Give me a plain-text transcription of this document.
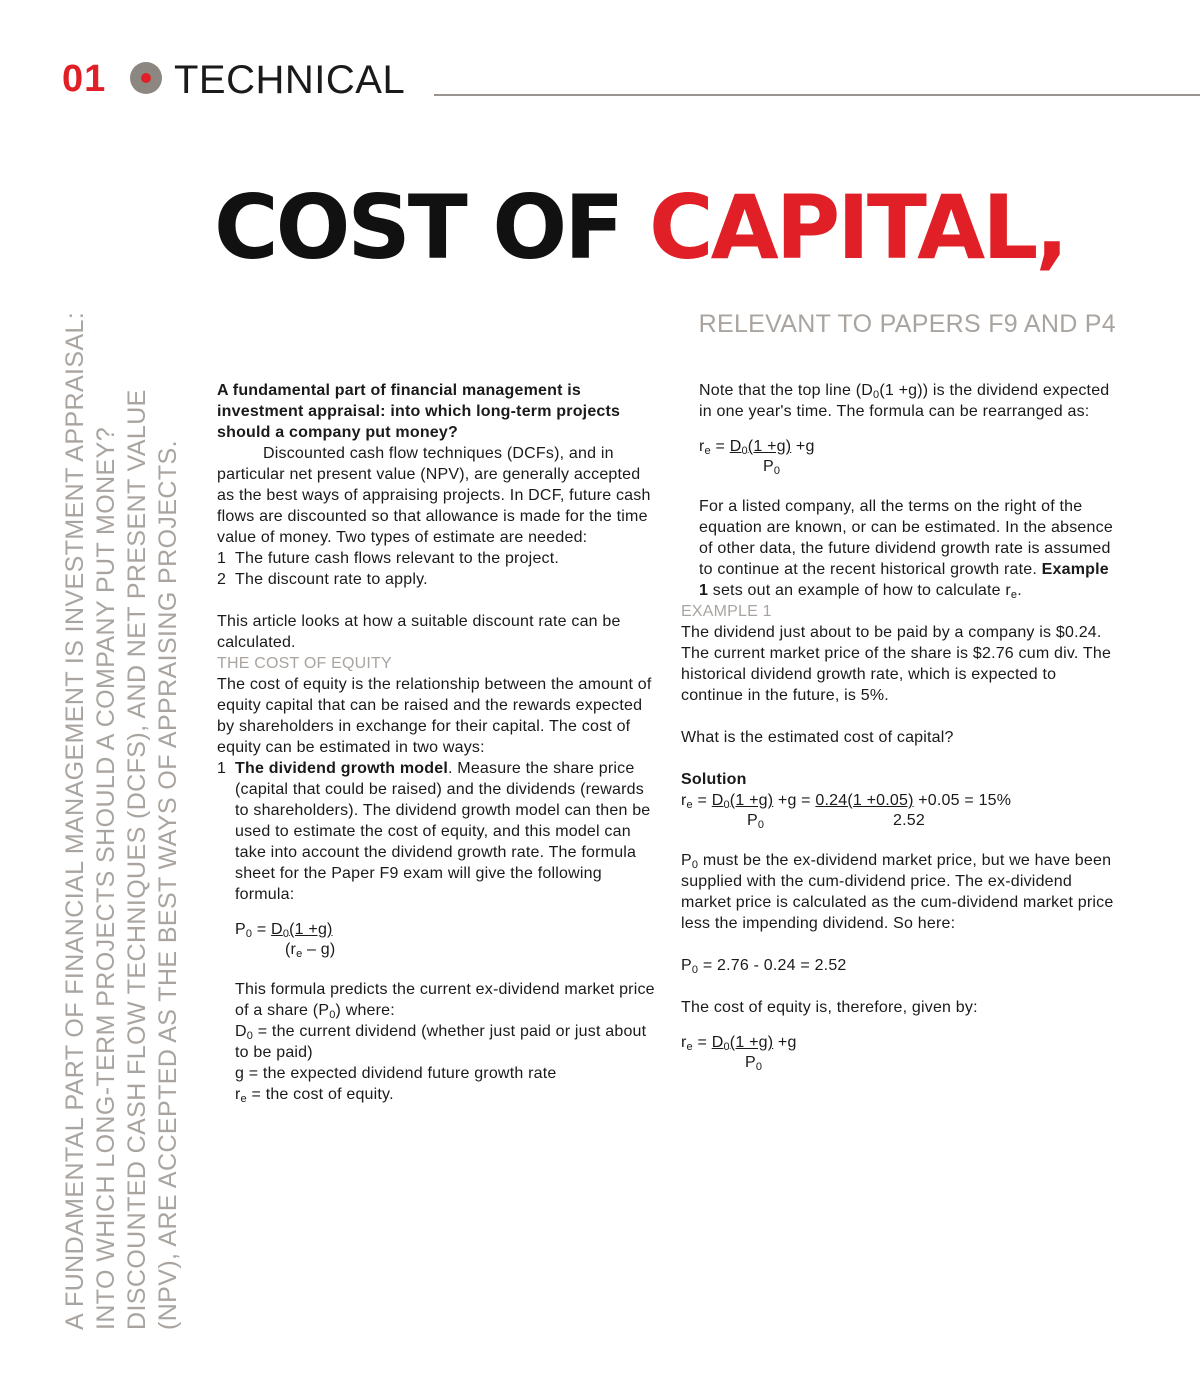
01 TECHNICAL
COST OF CAPITAL,
RELEVANT TO PAPERS F9 AND P4
A FUNDAMENTAL PART OF FINANCIAL MANAGEMENT IS INVESTMENT APPRAISAL: INTO WHICH LONG-TERM PROJECTS SHOULD A COMPANY PUT MONEY? DISCOUNTED CASH FLOW TECHNIQUES (DCFS), AND NET PRESENT VALUE (NPV), ARE ACCEPTED AS THE BEST WAYS OF APPRAISING PROJECTS.

A fundamental part of financial management is investment appraisal: into which long-term projects should a company put money?

Discounted cash flow techniques (DCFs), and in particular net present value (NPV), are generally accepted as the best ways of appraising projects. In DCF, future cash flows are discounted so that allowance is made for the time value of money. Two types of estimate are needed:

1 The future cash flows relevant to the project.
2 The discount rate to apply.

This article looks at how a suitable discount rate can be calculated.

THE COST OF EQUITY

The cost of equity is the relationship between the amount of equity capital that can be raised and the rewards expected by shareholders in exchange for their capital. The cost of equity can be estimated in two ways:

1 The dividend growth model. Measure the share price (capital that could be raised) and the dividends (rewards to shareholders). The dividend growth model can then be used to estimate the cost of equity, and this model can take into account the dividend growth rate. The formula sheet for the Paper F9 exam will give the following formula:
$P_0 = D_0(1 +g)$
$(r_e - g)$

This formula predicts the current ex-dividend market price of a share $(P_0)$ where:

$D_0$ = the current dividend (whether just paid or just about to be paid)

g = the expected dividend future growth rate

$r_e$ = the cost of equity.

Note that the top line $(D_0(1 +g))$ is the dividend expected in one year's time. The formula can be rearranged as:

$r_e = D_0(1 +g) +g$
$P_0$

For a listed company, all the terms on the right of the equation are known, or can be estimated. In the absence of other data, the future dividend growth rate is assumed to continue at the recent historical growth rate. Example 1 sets out an example of how to calculate $r_e$.

EXAMPLE 1

The dividend just about to be paid by a company is $0.24. The current market price of the share is $2.76 cum div. The historical dividend growth rate, which is expected to continue in the future, is 5%.

What is the estimated cost of capital?

Solution

$r_e = D_0(1 +g) +g = 0.24(1 +0.05) +0.05 = 15\%$
$P_0$	2.52

$P_0$ must be the ex-dividend market price, but we have been supplied with the cum-dividend price. The ex-dividend market price is calculated as the cum-dividend market price less the impending dividend. So here:

$P_0 = 2.76 - 0.24 = 2.52$

The cost of equity is, therefore, given by:

$r_e = D_0(1 +g) +g$
$P_0$
